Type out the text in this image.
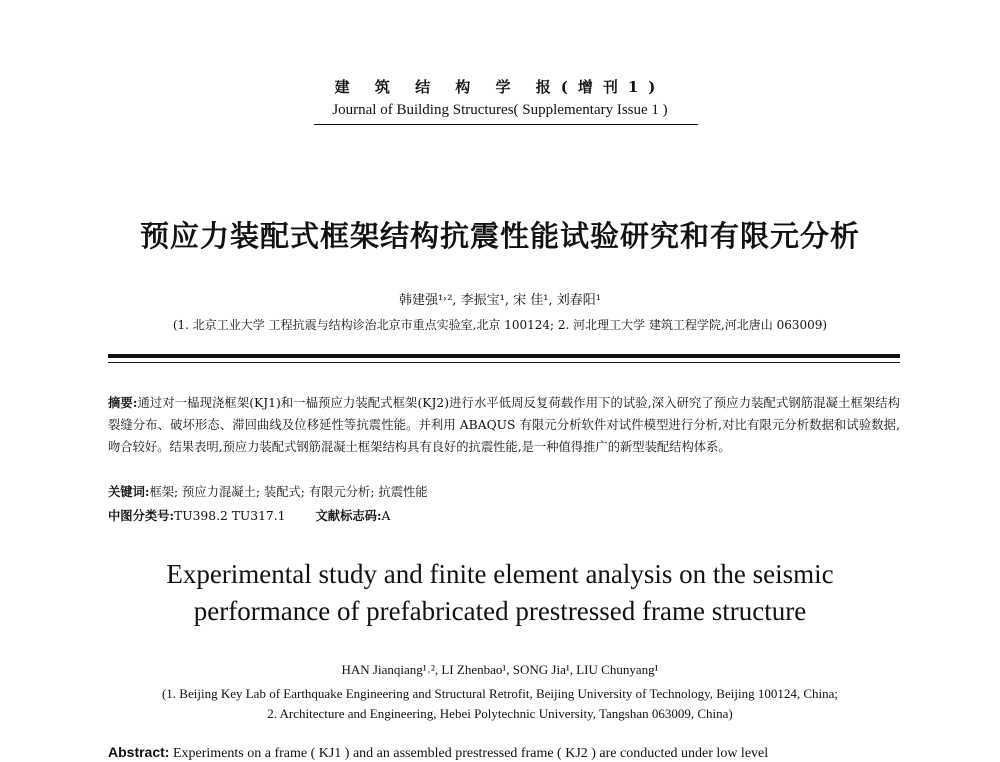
建 筑 结 构 学 报(增刊1)
Journal of Building Structures( Supplementary Issue 1 )
预应力装配式框架结构抗震性能试验研究和有限元分析
韩建强¹˒², 李振宝¹, 宋 佳¹, 刘春阳¹
(1. 北京工业大学 工程抗震与结构诊治北京市重点实验室,北京 100124; 2. 河北理工大学 建筑工程学院,河北唐山 063009)
摘要:通过对一榀现浇框架(KJ1)和一榀预应力装配式框架(KJ2)进行水平低周反复荷载作用下的试验,深入研究了预应力装配式钢筋混凝土框架结构裂缝分布、破坏形态、滞回曲线及位移延性等抗震性能。并利用 ABAQUS 有限元分析软件对试件模型进行分析,对比有限元分析数据和试验数据,吻合较好。结果表明,预应力装配式钢筋混凝土框架结构具有良好的抗震性能,是一种值得推广的新型装配结构体系。
关键词:框架; 预应力混凝土; 装配式; 有限元分析; 抗震性能
中图分类号:TU398.2 TU317.1 文献标志码:A
Experimental study and finite element analysis on the seismic
performance of prefabricated prestressed frame structure
HAN Jianqiang¹˒², LI Zhenbao¹, SONG Jia¹, LIU Chunyang¹
(1. Beijing Key Lab of Earthquake Engineering and Structural Retrofit, Beijing University of Technology, Beijing 100124, China;
2. Architecture and Engineering, Hebei Polytechnic University, Tangshan 063009, China)
Abstract: Experiments on a frame ( KJ1 ) and an assembled prestressed frame ( KJ2 ) are conducted under low level
